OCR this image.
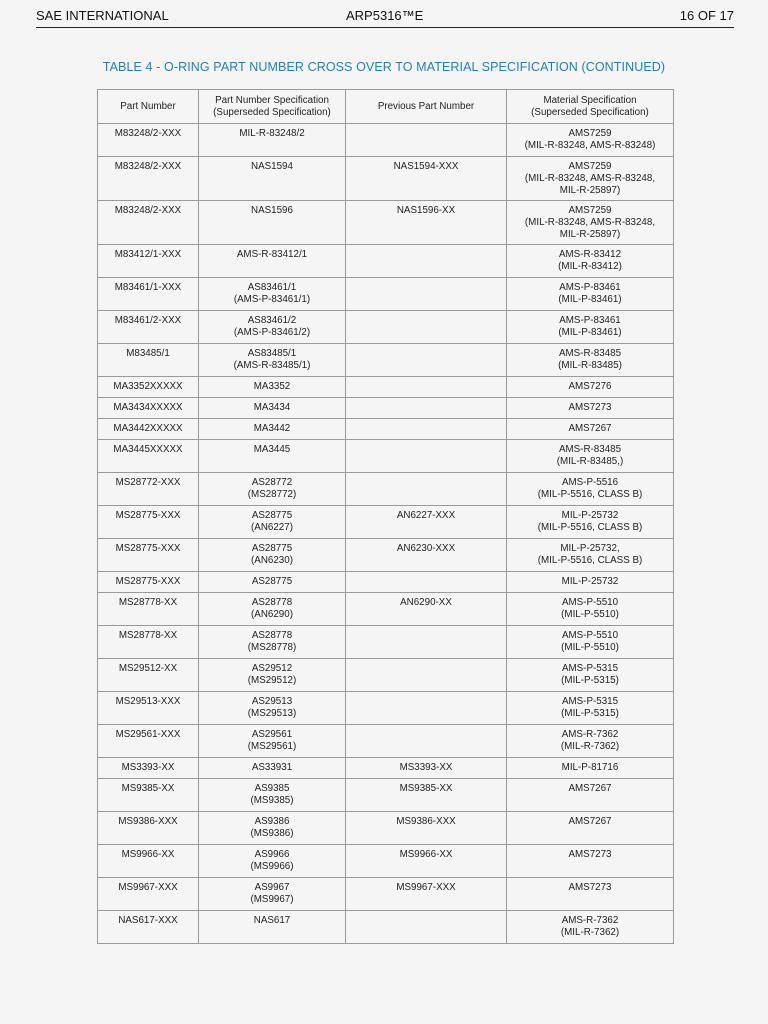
SAE INTERNATIONAL	ARP5316™E	16 OF 17
TABLE 4 - O-RING PART NUMBER CROSS OVER TO MATERIAL SPECIFICATION (CONTINUED)
Part Number	Part Number Specification
(Superseded Specification)	Previous Part Number	Material Specification
(Superseded Specification)

M83248/2-XXX	MIL-R-83248/2		AMS7259
(MIL-R-83248, AMS-R-83248)

M83248/2-XXX	NAS1594	NAS1594-XXX	AMS7259
(MIL-R-83248, AMS-R-83248,
MIL-R-25897)

M83248/2-XXX	NAS1596	NAS1596-XX	AMS7259
(MIL-R-83248, AMS-R-83248,
MIL-R-25897)

M83412/1-XXX	AMS-R-83412/1		AMS-R-83412
(MIL-R-83412)

M83461/1-XXX	AS83461/1
(AMS-P-83461/1)		AMS-P-83461
(MIL-P-83461)

M83461/2-XXX	AS83461/2
(AMS-P-83461/2)		AMS-P-83461
(MIL-P-83461)

M83485/1	AS83485/1
(AMS-R-83485/1)		AMS-R-83485
(MIL-R-83485)

MA3352XXXXX	MA3352		AMS7276

MA3434XXXXX	MA3434		AMS7273

MA3442XXXXX	MA3442		AMS7267

MA3445XXXXX	MA3445		AMS-R-83485
(MIL-R-83485,)

MS28772-XXX	AS28772
(MS28772)		AMS-P-5516
(MIL-P-5516, CLASS B)

MS28775-XXX	AS28775
(AN6227)	AN6227-XXX	MIL-P-25732
(MIL-P-5516, CLASS B)

MS28775-XXX	AS28775
(AN6230)	AN6230-XXX	MIL-P-25732,
(MIL-P-5516, CLASS B)

MS28775-XXX	AS28775		MIL-P-25732

MS28778-XX	AS28778
(AN6290)	AN6290-XX	AMS-P-5510
(MIL-P-5510)

MS28778-XX	AS28778
(MS28778)		AMS-P-5510
(MIL-P-5510)

MS29512-XX	AS29512
(MS29512)		AMS-P-5315
(MIL-P-5315)

MS29513-XXX	AS29513
(MS29513)		AMS-P-5315
(MIL-P-5315)

MS29561-XXX	AS29561
(MS29561)		AMS-R-7362
(MIL-R-7362)

MS3393-XX	AS33931	MS3393-XX	MIL-P-81716

MS9385-XX	AS9385
(MS9385)	MS9385-XX	AMS7267

MS9386-XXX	AS9386
(MS9386)	MS9386-XXX	AMS7267

MS9966-XX	AS9966
(MS9966)	MS9966-XX	AMS7273

MS9967-XXX	AS9967
(MS9967)	MS9967-XXX	AMS7273

NAS617-XXX	NAS617		AMS-R-7362
(MIL-R-7362)
